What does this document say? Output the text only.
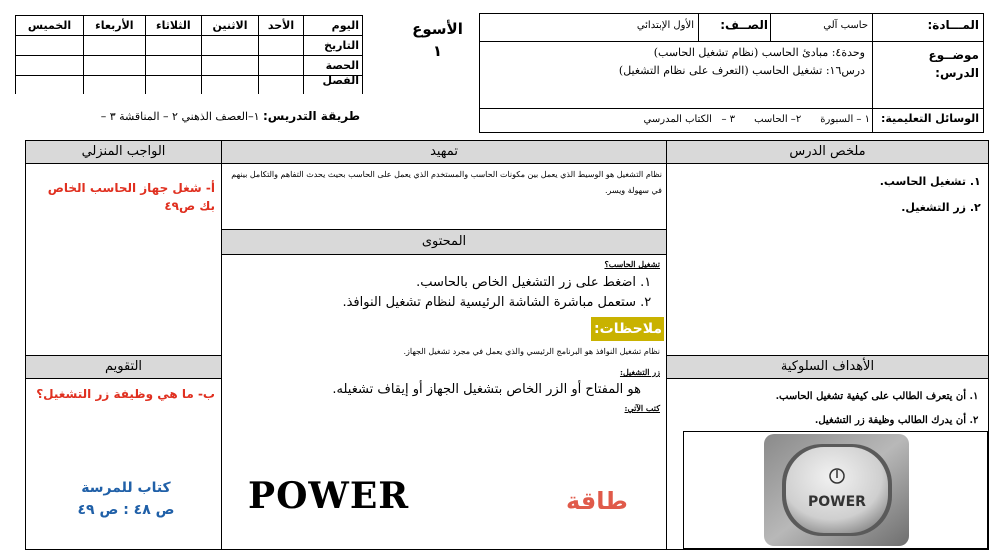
الخميس	الأربعاء	الثلاثاء	الاثنين	الأحد	اليوم
					التاريخ
					الحصة
					الفصل
الأسوع
١
طريقة التدريس: ١–العصف الذهني ٢ – المناقشة ٣ –
المـــادة:
حاسب آلي
الصــف:
الأول الإبتدائي
موضــوع الدرس:
وحدة٤: مبادئ الحاسب (نظام تشغيل الحاسب)
درس١٦: تشغيل الحاسب (التعرف على نظام التشغيل)
الوسائل التعليمية:
١ – السبورة      ٢– الحاسب      ٣ –   الكتاب المدرسي
الواجب المنزلي
أ- شغل جهاز الحاسب الخاص بك ص٤٩
التقويم
ب- ما هي وظيفة زر التشغيل؟
كتاب للمرسة
ص ٤٨ : ص ٤٩
تمهيد
نظام التشغيل هو الوسيط الذي يعمل بين مكونات الحاسب والمستخدم الذي يعمل على الحاسب بحيث يحدث التفاهم والتكامل بينهم في سهولة ويسر.
المحتوى
تشغيل الحاسب؟
1. اضغط على زر التشغيل الخاص بالحاسب.
2. ستعمل مباشرة الشاشة الرئيسية لنظام تشغيل النوافذ.
ملاحظات:
نظام تشغيل النوافذ هو البرنامج الرئيسي والذي يعمل في مجرد تشغيل الجهاز.
زر التشغيل:
هو المفتاح أو الزر الخاص بتشغيل الجهاز أو إيقاف تشغيله.
كتب الآتي:
POWER	طاقة
ملخص الدرس
1. تشغيل الحاسب.
2. زر التشغيل.
الأهداف السلوكية
1. أن يتعرف الطالب على كيفية تشغيل الحاسب.
2. أن يدرك الطالب وظيفة زر التشغيل.
POWER
